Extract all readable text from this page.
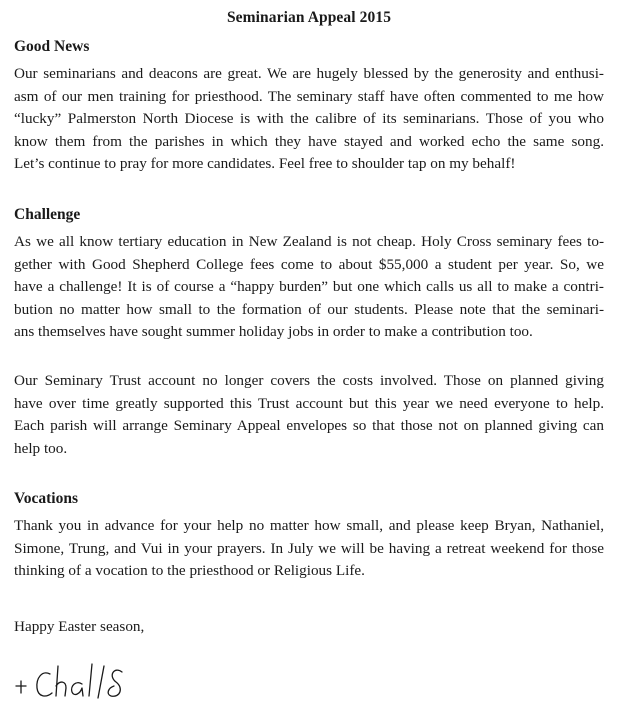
Seminarian Appeal 2015
Good News
Our seminarians and deacons are great. We are hugely blessed by the generosity and enthusi-
asm of our men training for priesthood. The seminary staff have often commented to me how
“lucky” Palmerston North Diocese is with the calibre of its seminarians. Those of you who
know them from the parishes in which they have stayed and worked echo the same song.
Let’s continue to pray for more candidates. Feel free to shoulder tap on my behalf!
Challenge
As we all know tertiary education in New Zealand is not cheap. Holy Cross seminary fees to-
gether with Good Shepherd College fees come to about $55,000 a student per year. So, we
have a challenge! It is of course a “happy burden” but one which calls us all to make a contri-
bution no matter how small to the formation of our students. Please note that the seminari-
ans themselves have sought summer holiday jobs in order to make a contribution too.
Our Seminary Trust account no longer covers the costs involved. Those on planned giving
have over time greatly supported this Trust account but this year we need everyone to help.
Each parish will arrange Seminary Appeal envelopes so that those not on planned giving can
help too.
Vocations
Thank you in advance for your help no matter how small, and please keep Bryan, Nathaniel,
Simone, Trung, and Vui in your prayers. In July we will be having a retreat weekend for those
thinking of a vocation to the priesthood or Religious Life.
Happy Easter season,
